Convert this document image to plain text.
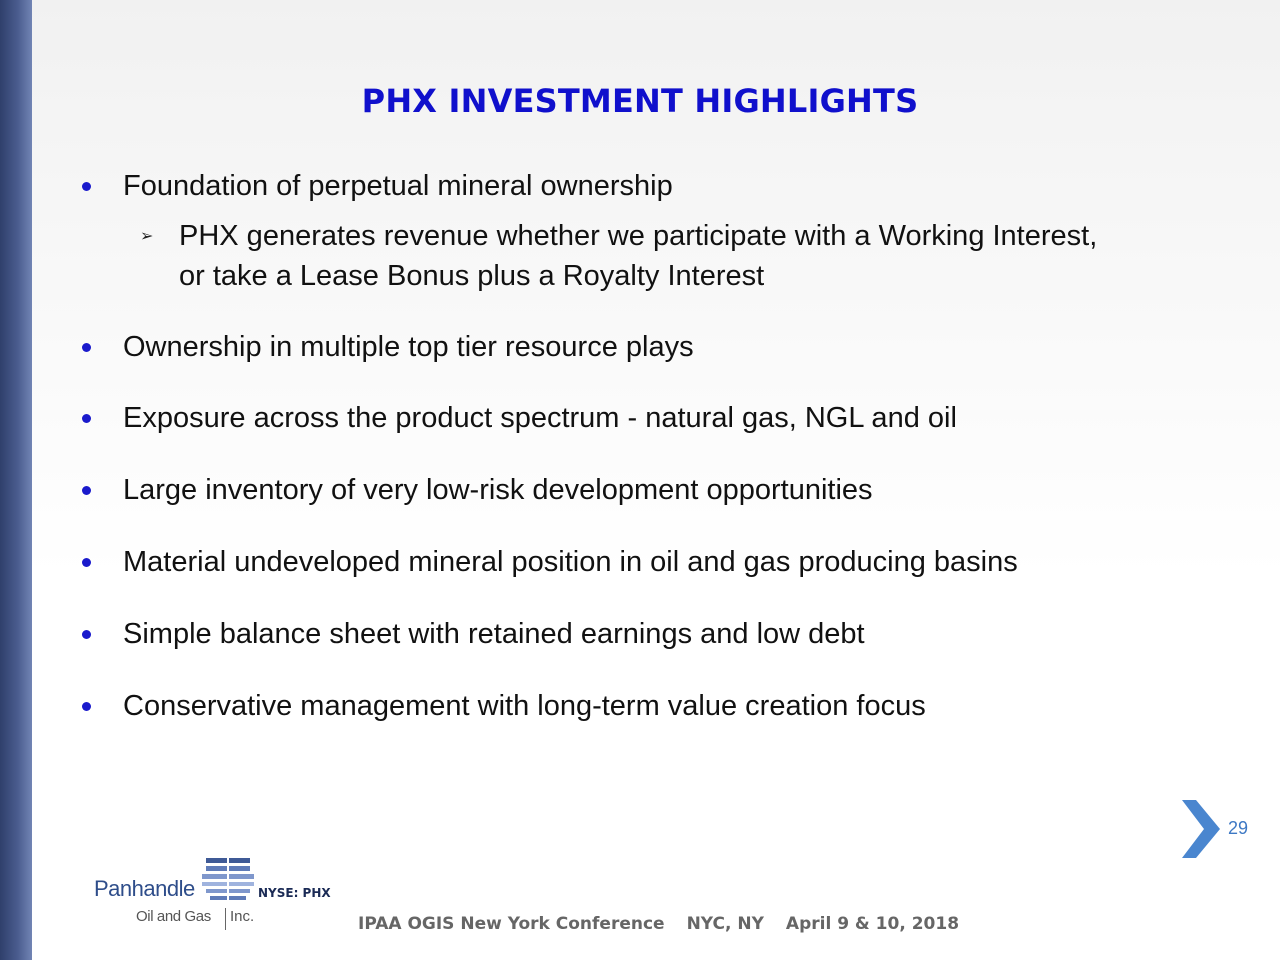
PHX INVESTMENT HIGHLIGHTS
Foundation of perpetual mineral ownership
➢ PHX generates revenue whether we participate with a Working Interest,
or take a Lease Bonus plus a Royalty Interest
Ownership in multiple top tier resource plays
Exposure across the product spectrum - natural gas, NGL and oil
Large inventory of very low-risk development opportunities
Material undeveloped mineral position in oil and gas producing basins
Simple balance sheet with retained earnings and low debt
Conservative management with long-term value creation focus
29
Panhandle
Oil and Gas Inc.
NYSE: PHX
IPAA OGIS New York Conference NYC, NY April 9 & 10, 2018
